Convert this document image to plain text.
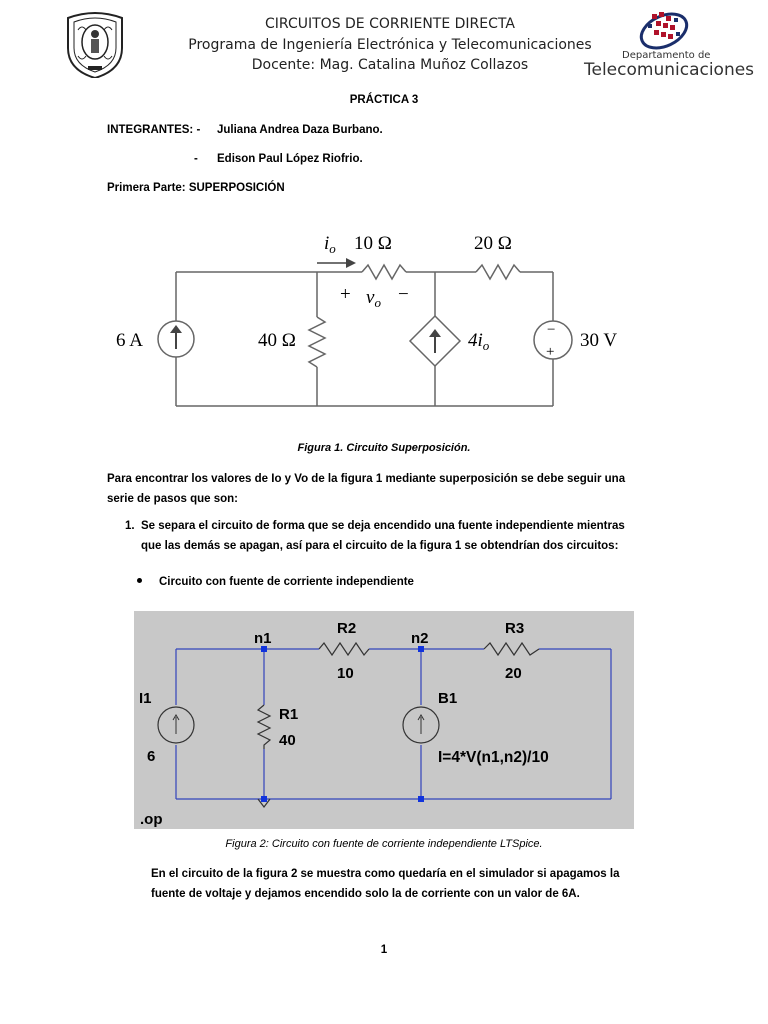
CIRCUITOS DE CORRIENTE DIRECTA
Programa de Ingeniería Electrónica y Telecomunicaciones
Docente: Mag. Catalina Muñoz Collazos
Departamento de
Telecomunicaciones
PRÁCTICA 3
INTEGRANTES: - Juliana Andrea Daza Burbano.
- Edison Paul López Riofrio.
Primera Parte: SUPERPOSICIÓN
$i_o$ 10 Ω	20 Ω
+ $v_o$ −
6 A	40 Ω	$4i_o$
−
+
30 V
Figura 1. Circuito Superposición.
Para encontrar los valores de Io y Vo de la figura 1 mediante superposición se debe seguir una
serie de pasos que son:
1. Se separa el circuito de forma que se deja encendido una fuente independiente mientras
que las demás se apagan, así para el circuito de la figura 1 se obtendrían dos circuitos:
Circuito con fuente de corriente independiente
n1	n2
R2
10
R3
20
I1
6
R1
40
B1
I=4*V(n1,n2)/10
.op
Figura 2: Circuito con fuente de corriente independiente LTSpice.
En el circuito de la figura 2 se muestra como quedaría en el simulador si apagamos la
fuente de voltaje y dejamos encendido solo la de corriente con un valor de 6A.
1
